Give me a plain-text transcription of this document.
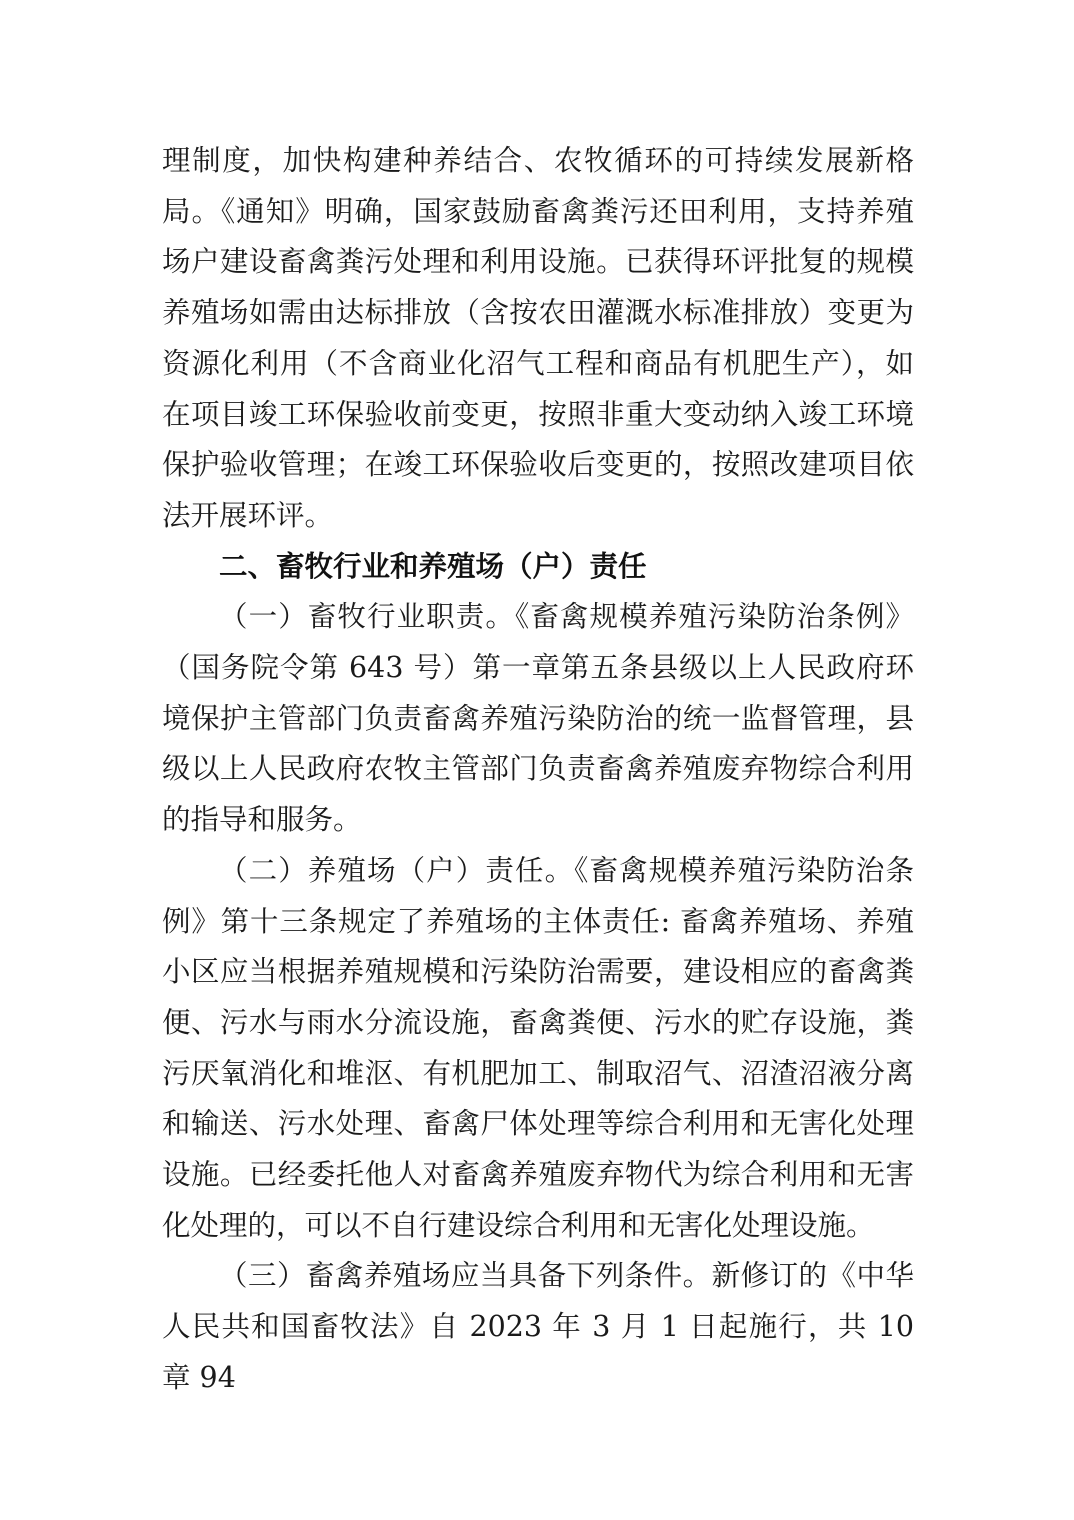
理制度，加快构建种养结合、农牧循环的可持续发展新格局。《通知》明确，国家鼓励畜禽粪污还田利用，支持养殖场户建设畜禽粪污处理和利用设施。已获得环评批复的规模养殖场如需由达标排放（含按农田灌溉水标准排放）变更为资源化利用（不含商业化沼气工程和商品有机肥生产），如在项目竣工环保验收前变更，按照非重大变动纳入竣工环境保护验收管理；在竣工环保验收后变更的，按照改建项目依法开展环评。

二、畜牧行业和养殖场（户）责任

（一）畜牧行业职责。《畜禽规模养殖污染防治条例》（国务院令第 643 号）第一章第五条县级以上人民政府环境保护主管部门负责畜禽养殖污染防治的统一监督管理，县级以上人民政府农牧主管部门负责畜禽养殖废弃物综合利用的指导和服务。

（二）养殖场（户）责任。《畜禽规模养殖污染防治条例》第十三条规定了养殖场的主体责任: 畜禽养殖场、养殖小区应当根据养殖规模和污染防治需要，建设相应的畜禽粪便、污水与雨水分流设施，畜禽粪便、污水的贮存设施，粪污厌氧消化和堆沤、有机肥加工、制取沼气、沼渣沼液分离和输送、污水处理、畜禽尸体处理等综合利用和无害化处理设施。已经委托他人对畜禽养殖废弃物代为综合利用和无害化处理的，可以不自行建设综合利用和无害化处理设施。

（三）畜禽养殖场应当具备下列条件。新修订的《中华人民共和国畜牧法》自 2023 年 3 月 1 日起施行，共 10 章 94
